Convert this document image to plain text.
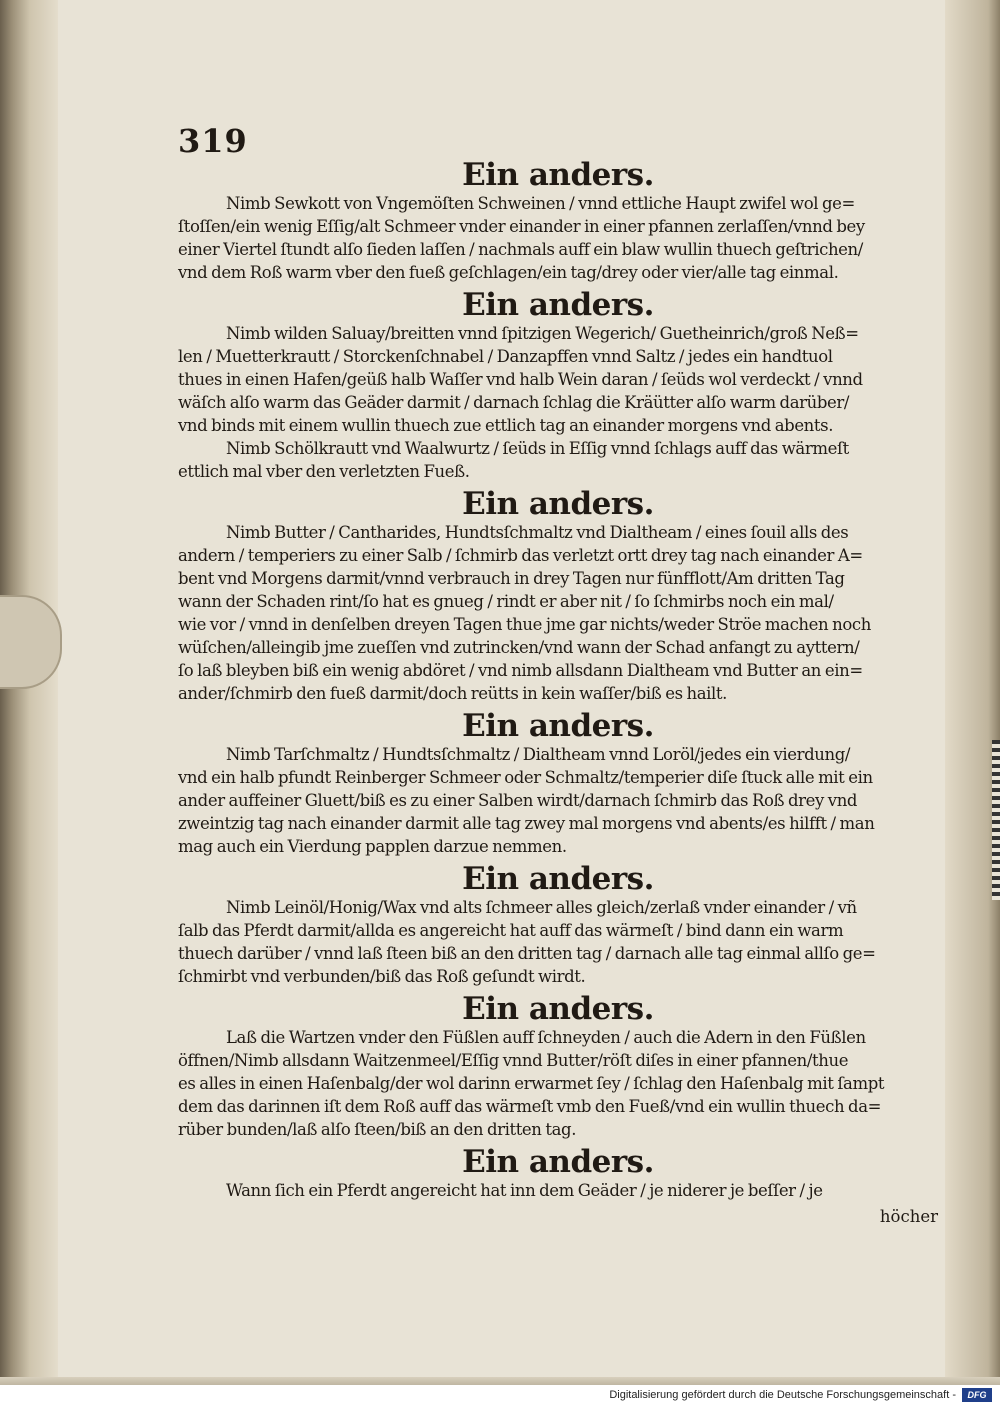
319
Ein anders.
Nimb Sewkott von Vngemöſten Schweinen / vnnd ettliche Haupt zwifel wol ge=
ſtoſſen/ein wenig Eſſig/alt Schmeer vnder einander in einer pfannen zerlaſſen/vnnd bey
einer Viertel ſtundt alſo ſieden laſſen / nachmals auff ein blaw wullin thuech geſtrichen/
vnd dem Roß warm vber den fueß geſchlagen/ein tag/drey oder vier/alle tag einmal.
Ein anders.
Nimb wilden Saluay/breitten vnnd ſpitzigen Wegerich/ Guetheinrich/groß Neß=
len / Muetterkrautt / Storckenſchnabel / Danzapffen vnnd Saltz / jedes ein handtuol
thues in einen Hafen/geüß halb Waſſer vnd halb Wein daran / ſeüds wol verdeckt / vnnd
wäſch alſo warm das Geäder darmit / darnach ſchlag die Kräütter alſo warm darüber/
vnd binds mit einem wullin thuech zue ettlich tag an einander morgens vnd abents.
Nimb Schölkrautt vnd Waalwurtz / ſeüds in Eſſig vnnd ſchlags auff das wärmeſt
ettlich mal vber den verletzten Fueß.
Ein anders.
Nimb Butter / Cantharides, Hundtsſchmaltz vnd Dialtheam / eines ſouil alls des
andern / temperiers zu einer Salb / ſchmirb das verletzt ortt drey tag nach einander A=
bent vnd Morgens darmit/vnnd verbrauch in drey Tagen nur fünfflott/Am dritten Tag
wann der Schaden rint/ſo hat es gnueg / rindt er aber nit / ſo ſchmirbs noch ein mal/
wie vor / vnnd in denſelben dreyen Tagen thue jme gar nichts/weder Ströe machen noch
wüſchen/alleingib jme zueſſen vnd zutrincken/vnd wann der Schad anfangt zu ayttern/
ſo laß bleyben biß ein wenig abdöret / vnd nimb allsdann Dialtheam vnd Butter an ein=
ander/ſchmirb den fueß darmit/doch reütts in kein waſſer/biß es hailt.
Ein anders.
Nimb Tarſchmaltz / Hundtsſchmaltz / Dialtheam vnnd Loröl/jedes ein vierdung/
vnd ein halb pfundt Reinberger Schmeer oder Schmaltz/temperier diſe ſtuck alle mit ein
ander auffeiner Gluett/biß es zu einer Salben wirdt/darnach ſchmirb das Roß drey vnd
zweintzig tag nach einander darmit alle tag zwey mal morgens vnd abents/es hilfft / man
mag auch ein Vierdung papplen darzue nemmen.
Ein anders.
Nimb Leinöl/Honig/Wax vnd alts ſchmeer alles gleich/zerlaß vnder einander / vñ
ſalb das Pferdt darmit/allda es angereicht hat auff das wärmeſt / bind dann ein warm
thuech darüber / vnnd laß ſteen biß an den dritten tag / darnach alle tag einmal allſo ge=
ſchmirbt vnd verbunden/biß das Roß geſundt wirdt.
Ein anders.
Laß die Wartzen vnder den Füßlen auff ſchneyden / auch die Adern in den Füßlen
öffnen/Nimb allsdann Waitzenmeel/Eſſig vnnd Butter/röſt diſes in einer pfannen/thue
es alles in einen Haſenbalg/der wol darinn erwarmet ſey / ſchlag den Haſenbalg mit ſampt
dem das darinnen iſt dem Roß auff das wärmeſt vmb den Fueß/vnd ein wullin thuech da=
rüber bunden/laß alſo ſteen/biß an den dritten tag.
Ein anders.
Wann ſich ein Pferdt angereicht hat inn dem Geäder / je niderer je beſſer / je
höcher
Digitalisierung gefördert durch die Deutsche Forschungsgemeinschaft -	DFG
